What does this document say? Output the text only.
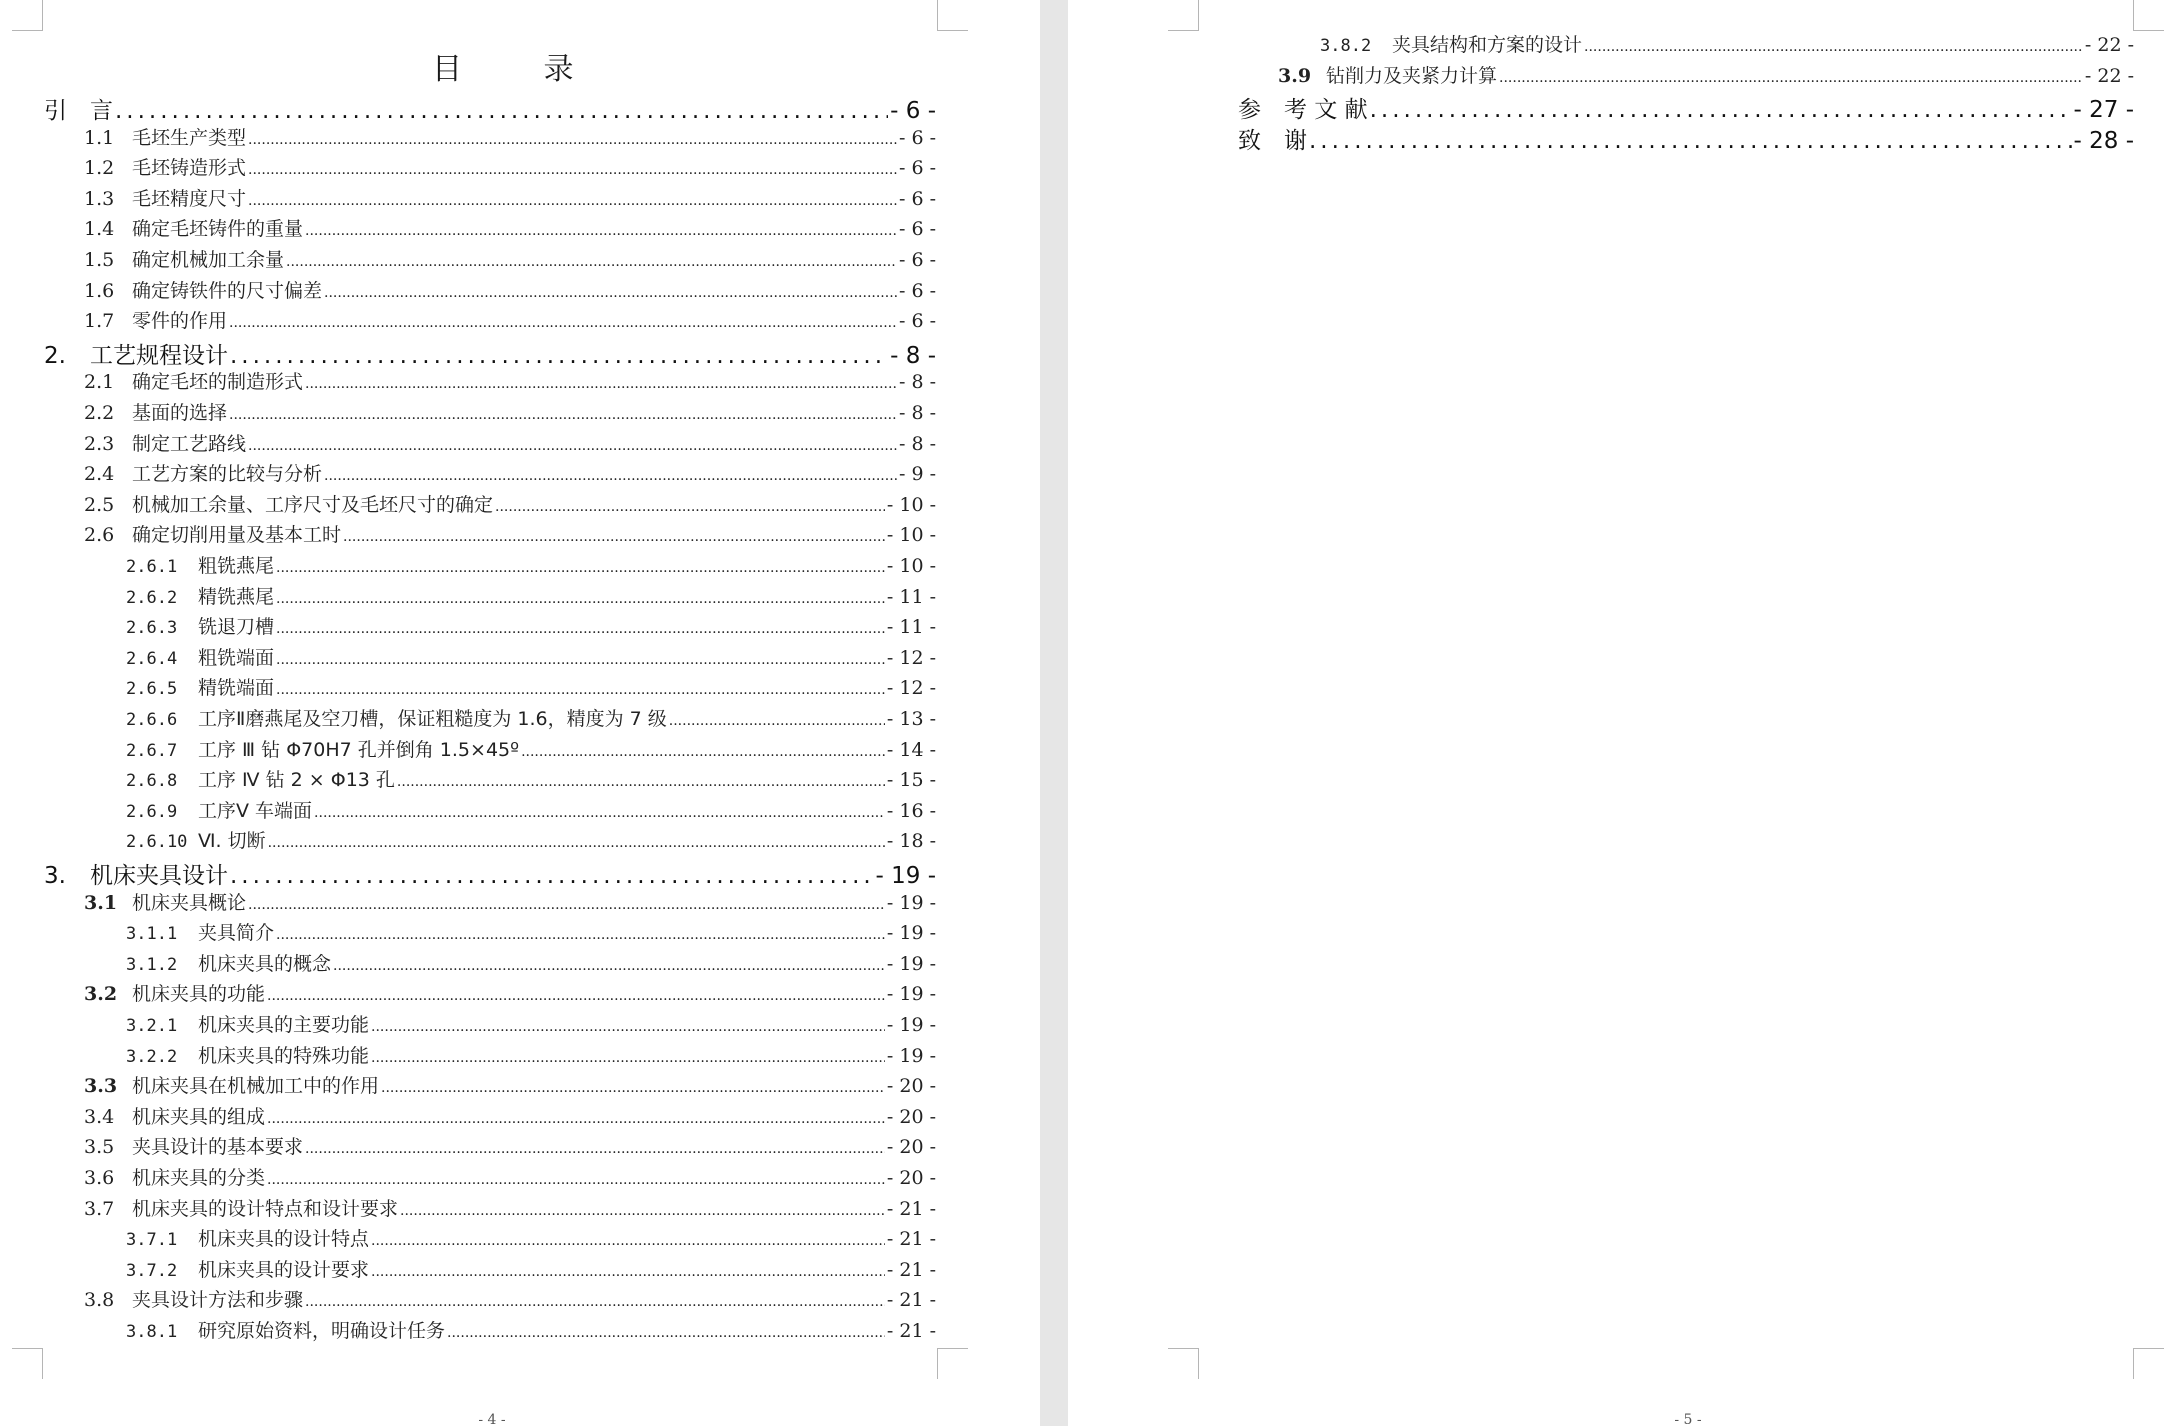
目 录
引	言 .....	- 6 -
1.1 毛坯生产类型 .....	- 6 -
1.2 毛坯铸造形式 .....	- 6 -
1.3 毛坯精度尺寸 .....	- 6 -
1.4 确定毛坯铸件的重量 .....	- 6 -
1.5 确定机械加工余量 .....	- 6 -
1.6 确定铸铁件的尺寸偏差 .....	- 6 -
1.7 零件的作用 .....	- 6 -
2.	工艺规程设计 .....	- 8 -
2.1 确定毛坯的制造形式 .....	- 8 -
2.2 基面的选择 .....	- 8 -
2.3 制定工艺路线 .....	- 8 -
2.4 工艺方案的比较与分析 .....	- 9 -
2.5 机械加工余量、工序尺寸及毛坯尺寸的确定 .....	- 10 -
2.6 确定切削用量及基本工时 .....	- 10 -
2.6.1	粗铣燕尾 .....	- 10 -
2.6.2	精铣燕尾 .....	- 11 -
2.6.3	铣退刀槽 .....	- 11 -
2.6.4	粗铣端面 .....	- 12 -
2.6.5	精铣端面 .....	- 12 -
2.6.6	工序Ⅱ磨燕尾及空刀槽，保证粗糙度为 1.6，精度为 7 级 .....	- 13 -
2.6.7	工序 Ⅲ 钻 Φ70H7 孔并倒角 1.5×45º .....	- 14 -
2.6.8	工序 Ⅳ 钻 2 × Φ13 孔 .....	- 15 -
2.6.9	工序Ⅴ 车端面 .....	- 16 -
2.6.10 Ⅵ. 切断 .....	- 18 -
3.	机床夹具设计 .....	- 19 -
3.1 机床夹具概论 .....	- 19 -
3.1.1	夹具简介 .....	- 19 -
3.1.2	机床夹具的概念 .....	- 19 -
3.2 机床夹具的功能 .....	- 19 -
3.2.1	机床夹具的主要功能 .....	- 19 -
3.2.2	机床夹具的特殊功能 .....	- 19 -
3.3 机床夹具在机械加工中的作用 .....	- 20 -
3.4 机床夹具的组成 .....	- 20 -
3.5 夹具设计的基本要求 .....	- 20 -
3.6 机床夹具的分类 .....	- 20 -
3.7 机床夹具的设计特点和设计要求 .....	- 21 -
3.7.1	机床夹具的设计特点 .....	- 21 -
3.7.2	机床夹具的设计要求 .....	- 21 -
3.8 夹具设计方法和步骤 .....	- 21 -
3.8.1	研究原始资料，明确设计任务 .....	- 21 -
- 4 -
3.8.2	夹具结构和方案的设计 .....	- 22 -
3.9 钻削力及夹紧力计算 .....	- 22 -
参	考 文 献 .....	- 27 -
致	谢 .....	- 28 -
- 5 -
